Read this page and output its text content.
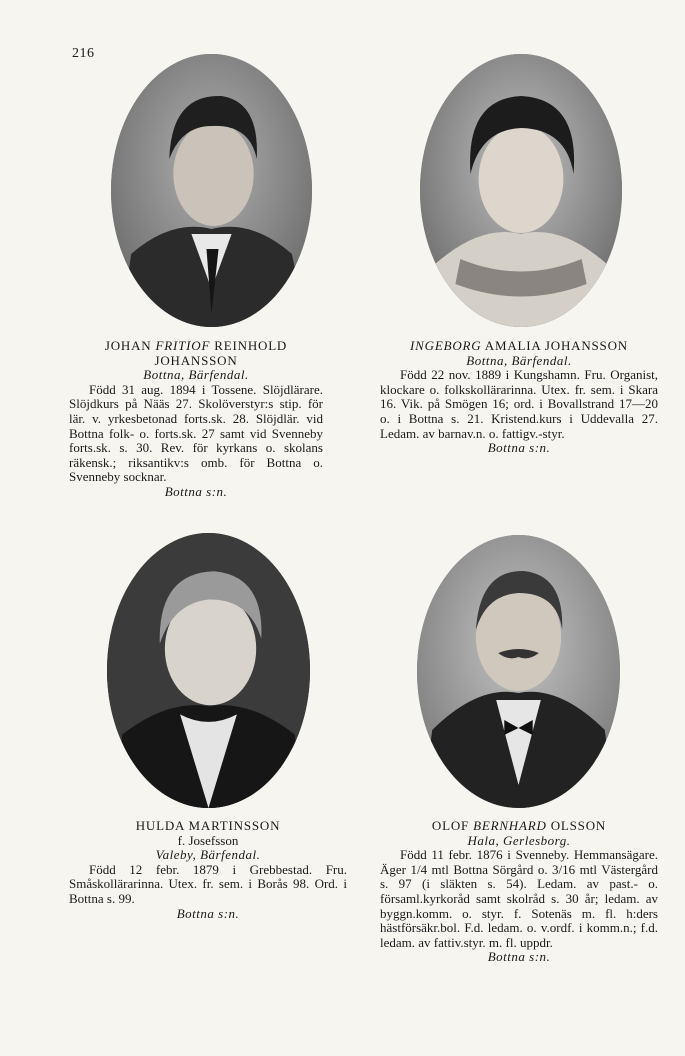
216
JOHAN FRITIOF REINHOLD
JOHANSSON
Bottna, Bärfendal.
Född 31 aug. 1894 i Tossene. Slöjdlärare. Slöjdkurs på Nääs 27. Skolöverstyr:s stip. för lär. v. yrkesbetonad forts.sk. 28. Slöjdlär. vid Bottna folk- o. forts.sk. 27 samt vid Svenneby forts.sk. s. 30. Rev. för kyrkans o. skolans räkensk.; riksantikv:s omb. för Bottna o. Svenneby socknar.
Bottna s:n.
INGEBORG AMALIA JOHANSSON
Bottna, Bärfendal.
Född 22 nov. 1889 i Kungshamn. Fru. Organist, klockare o. folkskollärarinna. Utex. fr. sem. i Skara 16. Vik. på Smögen 16; ord. i Bovallstrand 17—20 o. i Bottna s. 21. Kristend.kurs i Uddevalla 27. Ledam. av barnav.n. o. fattigv.-styr.
Bottna s:n.
HULDA MARTINSSON
f. Josefsson
Valeby, Bärfendal.
Född 12 febr. 1879 i Grebbestad. Fru. Småskollärarinna. Utex. fr. sem. i Borås 98. Ord. i Bottna s. 99.
Bottna s:n.
OLOF BERNHARD OLSSON
Hala, Gerlesborg.
Född 11 febr. 1876 i Svenneby. Hemmansägare. Äger 1/4 mtl Bottna Sörgård o. 3/16 mtl Västergård s. 97 (i släkten s. 54). Ledam. av past.- o. församl.kyrkoråd samt skolråd s. 30 år; ledam. av byggn.komm. o. styr. f. Sotenäs m. fl. h:ders hästförsäkr.bol. F.d. ledam. o. v.ordf. i komm.n.; f.d. ledam. av fattiv.styr. m. fl. uppdr.
Bottna s:n.
